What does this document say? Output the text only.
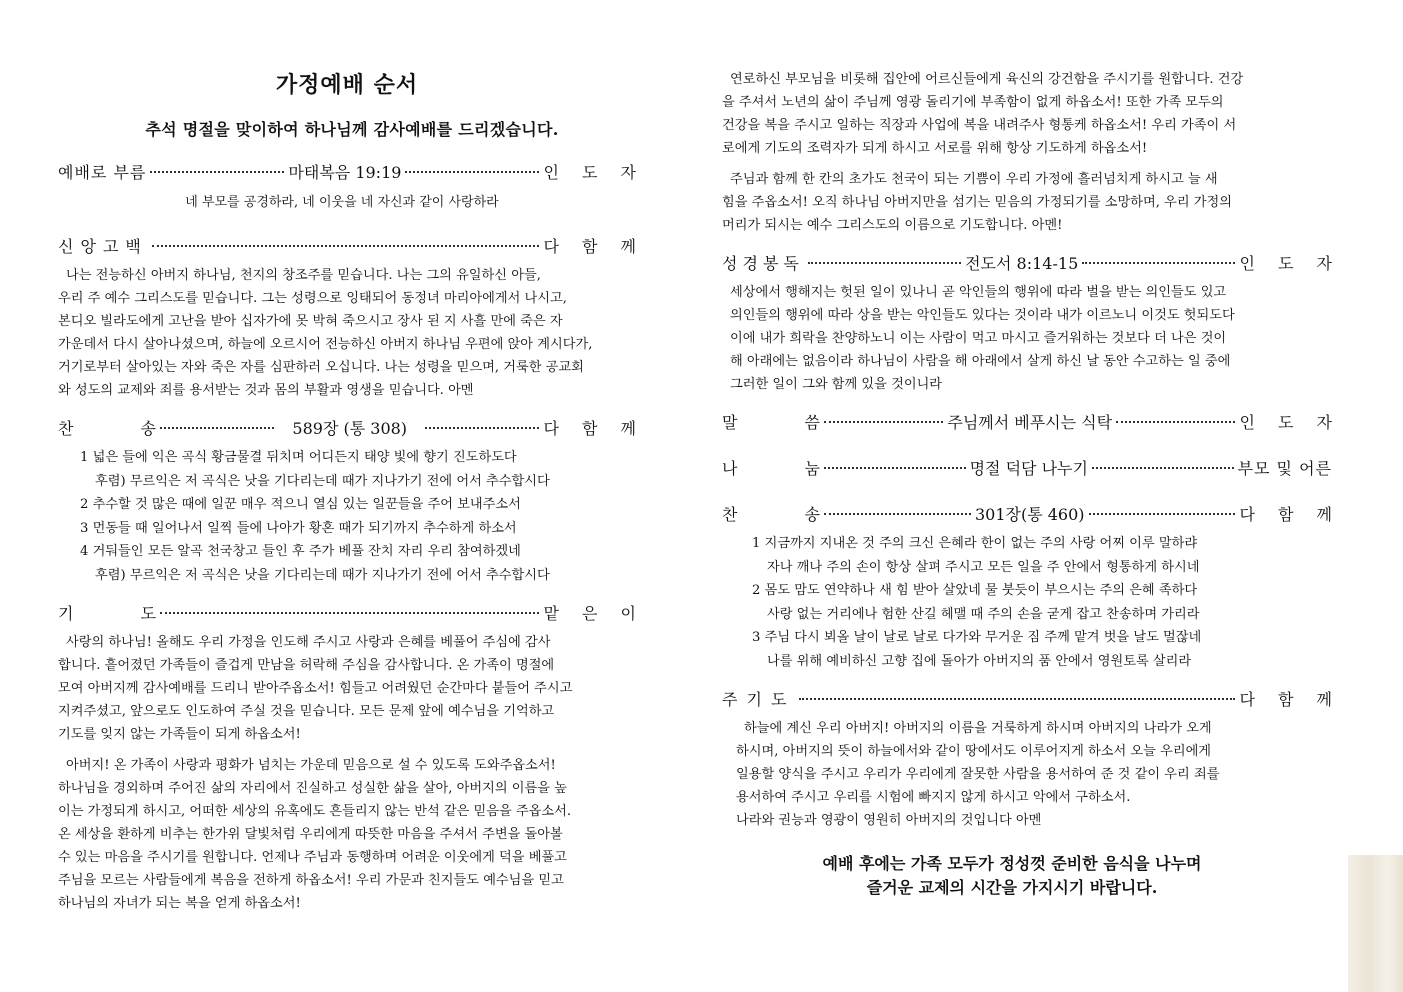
가정예배 순서
추석 명절을 맞이하여 하나님께 감사예배를 드리겠습니다.
예배로 부름	마태복음 19:19	인 도 자
네 부모를 공경하라, 네 이웃을 네 자신과 같이 사랑하라
신앙고백	다 함 께
나는 전능하신 아버지 하나님, 천지의 창조주를 믿습니다. 나는 그의 유일하신 아들,
우리 주 예수 그리스도를 믿습니다. 그는 성령으로 잉태되어 동정녀 마리아에게서 나시고,
본디오 빌라도에게 고난을 받아 십자가에 못 박혀 죽으시고 장사 된 지 사흘 만에 죽은 자
가운데서 다시 살아나셨으며, 하늘에 오르시어 전능하신 아버지 하나님 우편에 앉아 계시다가,
거기로부터 살아있는 자와 죽은 자를 심판하러 오십니다. 나는 성령을 믿으며, 거룩한 공교회
와 성도의 교제와 죄를 용서받는 것과 몸의 부활과 영생을 믿습니다. 아멘
찬	송	589장 (통 308)	다 함 께
1 넓은 들에 익은 곡식 황금물결 뒤치며 어디든지 태양 빛에 향기 진도하도다
후렴) 무르익은 저 곡식은 낫을 기다리는데 때가 지나가기 전에 어서 추수합시다
2 추수할 것 많은 때에 일꾼 매우 적으니 열심 있는 일꾼들을 주어 보내주소서
3 먼동들 때 일어나서 일찍 들에 나아가 황혼 때가 되기까지 추수하게 하소서
4 거둬들인 모든 알곡 천국창고 들인 후 주가 베풀 잔치 자리 우리 참여하겠네
후렴) 무르익은 저 곡식은 낫을 기다리는데 때가 지나가기 전에 어서 추수합시다
기	도	맡 은 이
사랑의 하나님! 올해도 우리 가정을 인도해 주시고 사랑과 은혜를 베풀어 주심에 감사
합니다. 흩어졌던 가족들이 즐겁게 만남을 허락해 주심을 감사합니다. 온 가족이 명절에
모여 아버지께 감사예배를 드리니 받아주옵소서! 힘들고 어려웠던 순간마다 붙들어 주시고
지켜주셨고, 앞으로도 인도하여 주실 것을 믿습니다. 모든 문제 앞에 예수님을 기억하고
기도를 잊지 않는 가족들이 되게 하옵소서!
아버지! 온 가족이 사랑과 평화가 넘치는 가운데 믿음으로 설 수 있도록 도와주옵소서!
하나님을 경외하며 주어진 삶의 자리에서 진실하고 성실한 삶을 살아, 아버지의 이름을 높
이는 가정되게 하시고, 어떠한 세상의 유혹에도 흔들리지 않는 반석 같은 믿음을 주옵소서.
온 세상을 환하게 비추는 한가위 달빛처럼 우리에게 따뜻한 마음을 주셔서 주변을 돌아볼
수 있는 마음을 주시기를 원합니다. 언제나 주님과 동행하며 어려운 이웃에게 덕을 베풀고
주님을 모르는 사람들에게 복음을 전하게 하옵소서! 우리 가문과 친지들도 예수님을 믿고
하나님의 자녀가 되는 복을 얻게 하옵소서!
연로하신 부모님을 비롯해 집안에 어르신들에게 육신의 강건함을 주시기를 원합니다. 건강
을 주셔서 노년의 삶이 주님께 영광 돌리기에 부족함이 없게 하옵소서! 또한 가족 모두의
건강을 복을 주시고 일하는 직장과 사업에 복을 내려주사 형통케 하옵소서! 우리 가족이 서
로에게 기도의 조력자가 되게 하시고 서로를 위해 항상 기도하게 하옵소서!
주님과 함께 한 칸의 초가도 천국이 되는 기쁨이 우리 가정에 흘러넘치게 하시고 늘 새
힘을 주옵소서! 오직 하나님 아버지만을 섬기는 믿음의 가정되기를 소망하며, 우리 가정의
머리가 되시는 예수 그리스도의 이름으로 기도합니다. 아멘!
성경봉독	전도서 8:14-15	인 도 자
세상에서 행해지는 헛된 일이 있나니 곧 악인들의 행위에 따라 벌을 받는 의인들도 있고
의인들의 행위에 따라 상을 받는 악인들도 있다는 것이라 내가 이르노니 이것도 헛되도다
이에 내가 희락을 찬양하노니 이는 사람이 먹고 마시고 즐거워하는 것보다 더 나은 것이
해 아래에는 없음이라 하나님이 사람을 해 아래에서 살게 하신 날 동안 수고하는 일 중에
그러한 일이 그와 함께 있을 것이니라
말	씀	주님께서 베푸시는 식탁	인 도 자
나	눔	명절 덕담 나누기	부모 및 어른
찬	송	301장(통 460)	다 함 께
1 지금까지 지내온 것 주의 크신 은혜라 한이 없는 주의 사랑 어찌 이루 말하랴
자나 깨나 주의 손이 항상 살펴 주시고 모든 일을 주 안에서 형통하게 하시네
2 몸도 맘도 연약하나 새 힘 받아 살았네 물 붓듯이 부으시는 주의 은혜 족하다
사랑 없는 거리에나 험한 산길 헤맬 때 주의 손을 굳게 잡고 찬송하며 가리라
3 주님 다시 뵈올 날이 날로 날로 다가와 무거운 짐 주께 맡겨 벗을 날도 멀잖네
나를 위해 예비하신 고향 집에 돌아가 아버지의 품 안에서 영원토록 살리라
주기도	다 함 께
하늘에 계신 우리 아버지! 아버지의 이름을 거룩하게 하시며 아버지의 나라가 오게
하시며, 아버지의 뜻이 하늘에서와 같이 땅에서도 이루어지게 하소서 오늘 우리에게
일용할 양식을 주시고 우리가 우리에게 잘못한 사람을 용서하여 준 것 같이 우리 죄를
용서하여 주시고 우리를 시험에 빠지지 않게 하시고 악에서 구하소서.
나라와 권능과 영광이 영원히 아버지의 것입니다 아멘
예배 후에는 가족 모두가 정성껏 준비한 음식을 나누며
즐거운 교제의 시간을 가지시기 바랍니다.
